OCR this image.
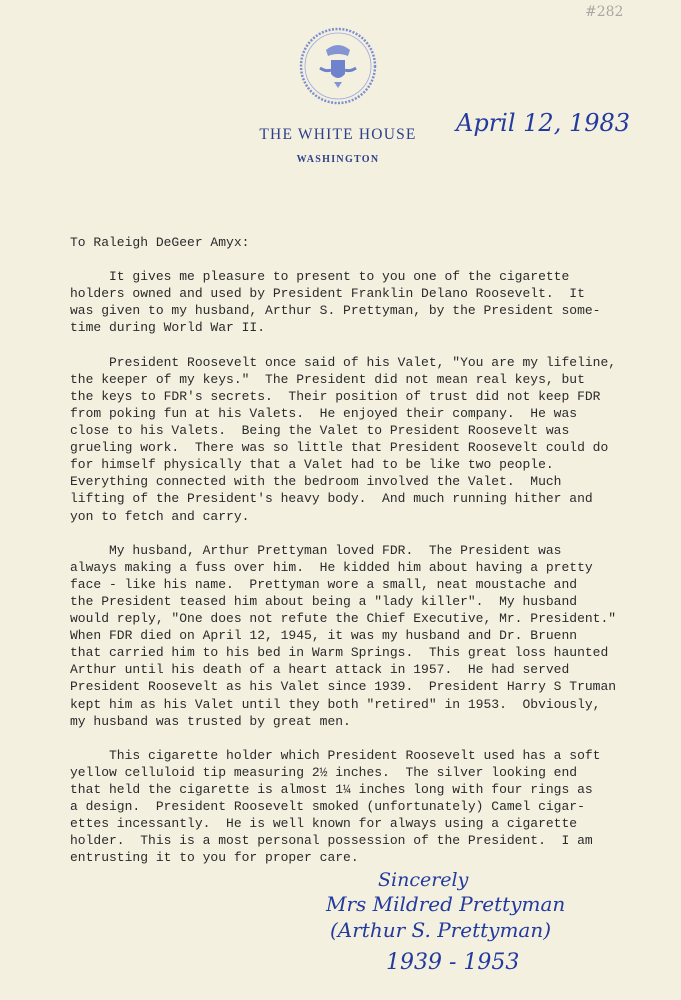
THE WHITE HOUSE
WASHINGTON
#282
April 12, 1983
To Raleigh DeGeer Amyx:
It gives me pleasure to present to you one of the cigarette
holders owned and used by President Franklin Delano Roosevelt.  It
was given to my husband, Arthur S. Prettyman, by the President some-
time during World War II.
President Roosevelt once said of his Valet, "You are my lifeline,
the keeper of my keys."  The President did not mean real keys, but
the keys to FDR's secrets.  Their position of trust did not keep FDR
from poking fun at his Valets.  He enjoyed their company.  He was
close to his Valets.  Being the Valet to President Roosevelt was
grueling work.  There was so little that President Roosevelt could do
for himself physically that a Valet had to be like two people.
Everything connected with the bedroom involved the Valet.  Much
lifting of the President's heavy body.  And much running hither and
yon to fetch and carry.
My husband, Arthur Prettyman loved FDR.  The President was
always making a fuss over him.  He kidded him about having a pretty
face - like his name.  Prettyman wore a small, neat moustache and
the President teased him about being a "lady killer".  My husband
would reply, "One does not refute the Chief Executive, Mr. President."
When FDR died on April 12, 1945, it was my husband and Dr. Bruenn
that carried him to his bed in Warm Springs.  This great loss haunted
Arthur until his death of a heart attack in 1957.  He had served
President Roosevelt as his Valet since 1939.  President Harry S Truman
kept him as his Valet until they both "retired" in 1953.  Obviously,
my husband was trusted by great men.
This cigarette holder which President Roosevelt used has a soft
yellow celluloid tip measuring 2½ inches.  The silver looking end
that held the cigarette is almost 1¼ inches long with four rings as
a design.  President Roosevelt smoked (unfortunately) Camel cigar-
ettes incessantly.  He is well known for always using a cigarette
holder.  This is a most personal possession of the President.  I am
entrusting it to you for proper care.
Sincerely
Mrs Mildred Prettyman
(Arthur S. Prettyman)
1939 - 1953
